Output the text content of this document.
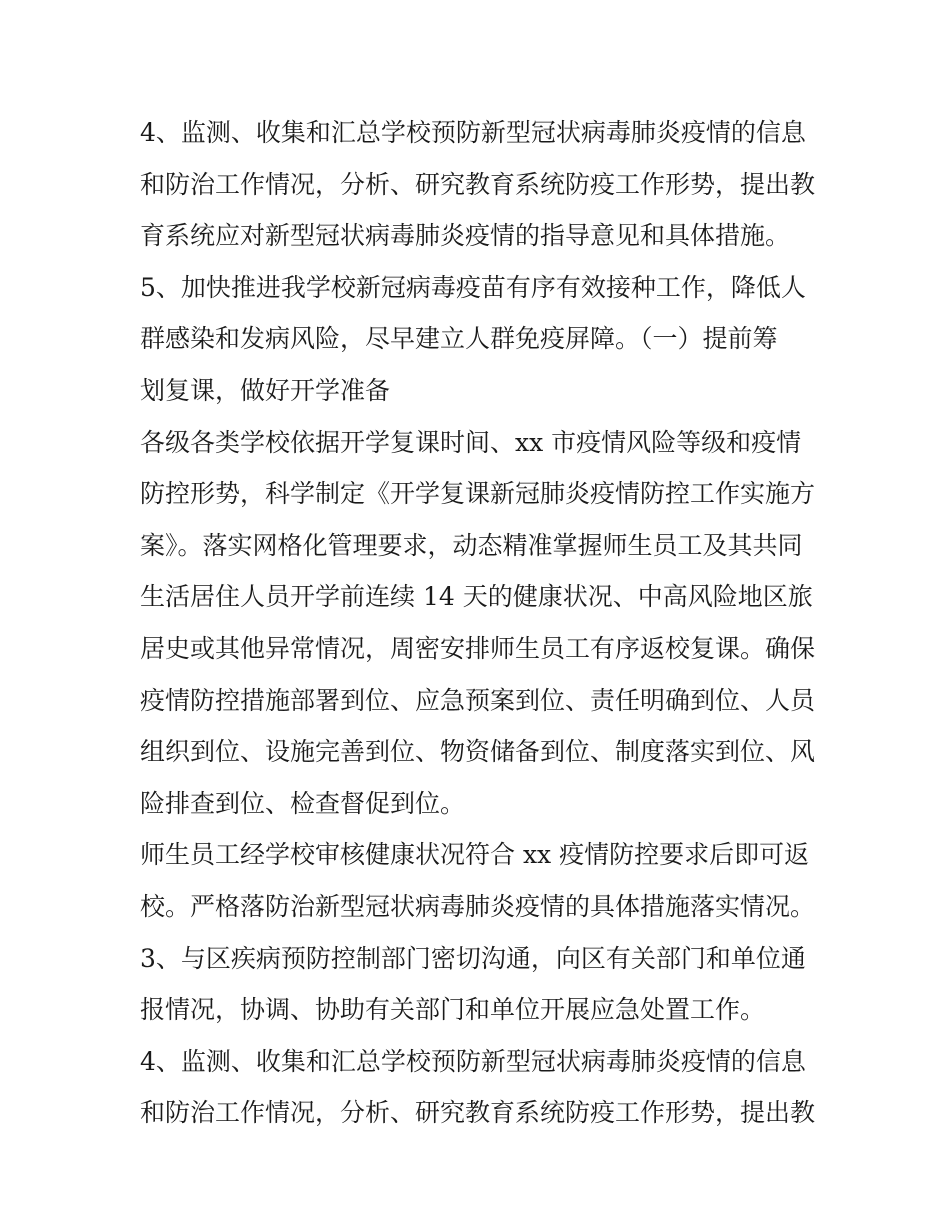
4、监测、收集和汇总学校预防新型冠状病毒肺炎疫情的信息
和防治工作情况，分析、研究教育系统防疫工作形势，提出教
育系统应对新型冠状病毒肺炎疫情的指导意见和具体措施。
5、加快推进我学校新冠病毒疫苗有序有效接种工作，降低人
群感染和发病风险，尽早建立人群免疫屏障。（一）提前筹
划复课，做好开学准备
各级各类学校依据开学复课时间、xx 市疫情风险等级和疫情
防控形势，科学制定《开学复课新冠肺炎疫情防控工作实施方
案》。落实网格化管理要求，动态精准掌握师生员工及其共同
生活居住人员开学前连续 14 天的健康状况、中高风险地区旅
居史或其他异常情况，周密安排师生员工有序返校复课。确保
疫情防控措施部署到位、应急预案到位、责任明确到位、人员
组织到位、设施完善到位、物资储备到位、制度落实到位、风
险排查到位、检查督促到位。
师生员工经学校审核健康状况符合 xx 疫情防控要求后即可返
校。严格落防治新型冠状病毒肺炎疫情的具体措施落实情况。
3、与区疾病预防控制部门密切沟通，向区有关部门和单位通
报情况，协调、协助有关部门和单位开展应急处置工作。
4、监测、收集和汇总学校预防新型冠状病毒肺炎疫情的信息
和防治工作情况，分析、研究教育系统防疫工作形势，提出教
